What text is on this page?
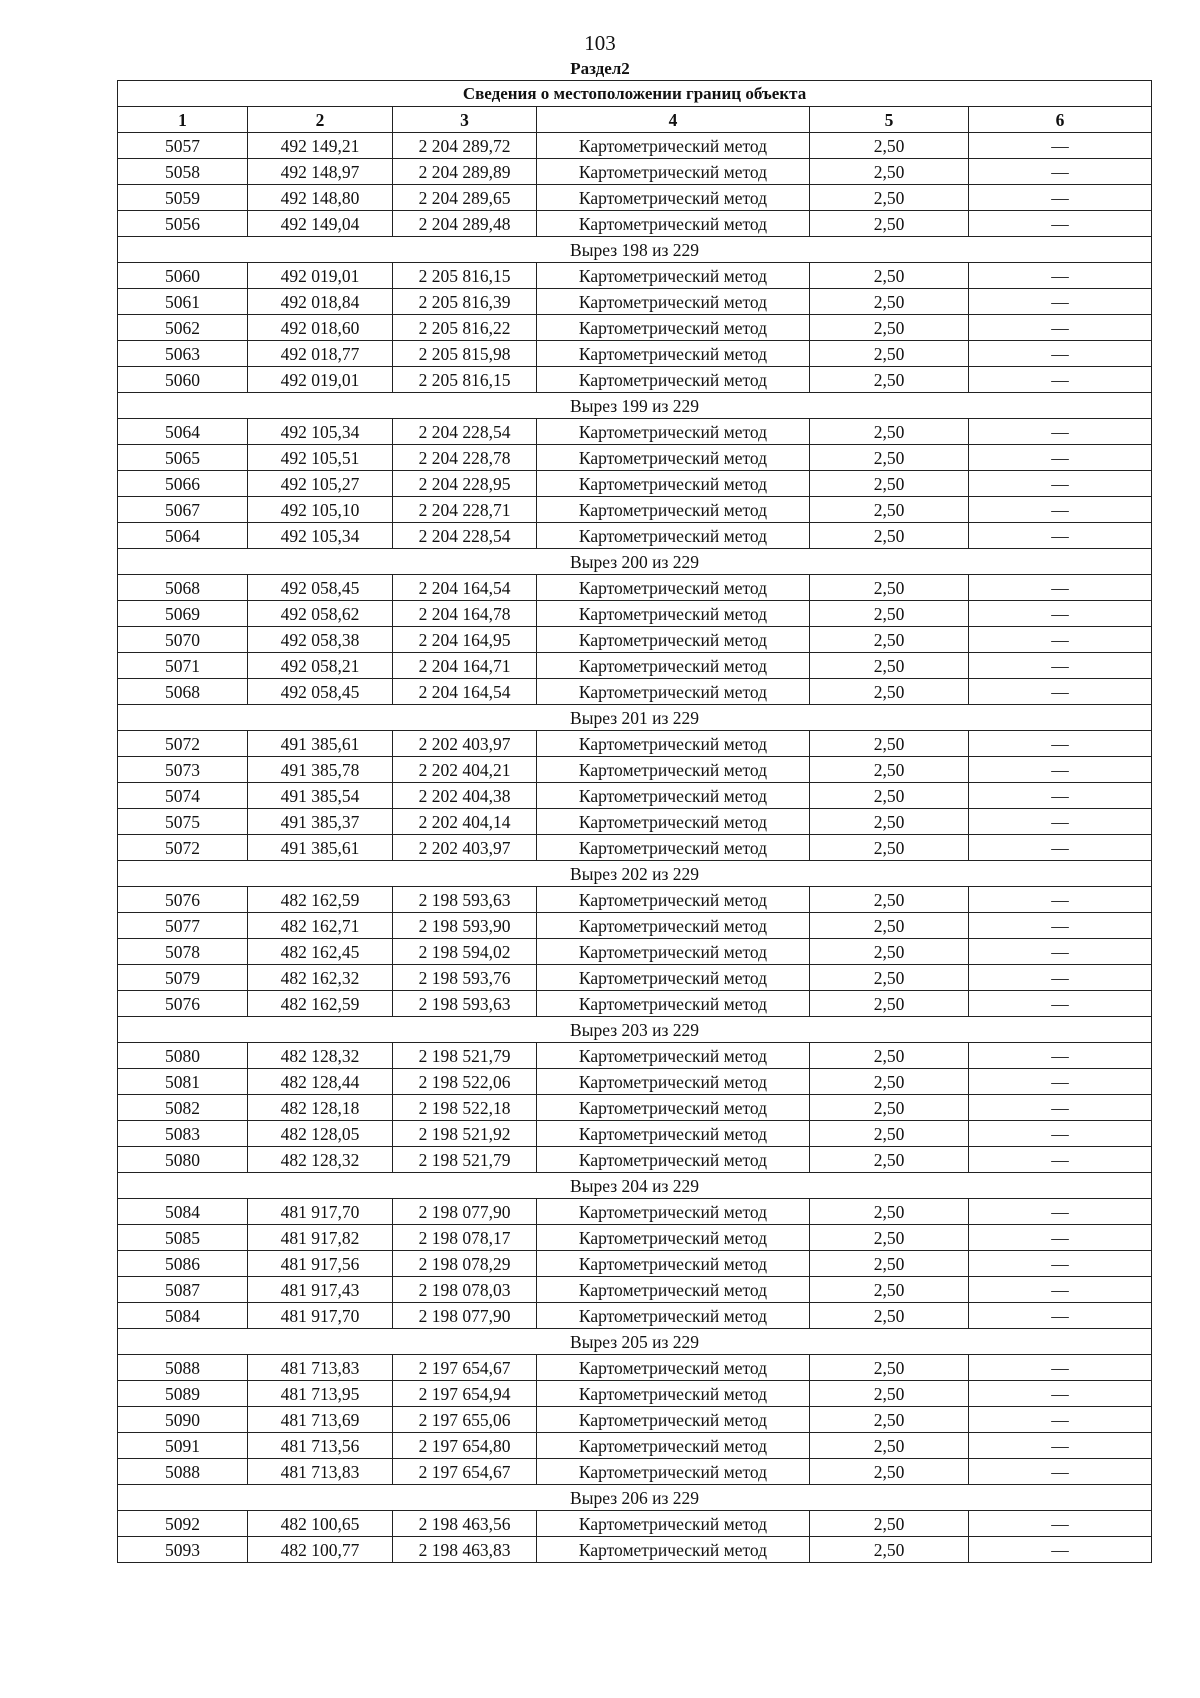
103
Раздел2
Сведения о местоположении границ объекта					
1	2	3	4	5	6
5057	492 149,21	2 204 289,72	Картометрический метод	2,50	—
5058	492 148,97	2 204 289,89	Картометрический метод	2,50	—
5059	492 148,80	2 204 289,65	Картометрический метод	2,50	—
5056	492 149,04	2 204 289,48	Картометрический метод	2,50	—
Вырез 198 из 229					
5060	492 019,01	2 205 816,15	Картометрический метод	2,50	—
5061	492 018,84	2 205 816,39	Картометрический метод	2,50	—
5062	492 018,60	2 205 816,22	Картометрический метод	2,50	—
5063	492 018,77	2 205 815,98	Картометрический метод	2,50	—
5060	492 019,01	2 205 816,15	Картометрический метод	2,50	—
Вырез 199 из 229					
5064	492 105,34	2 204 228,54	Картометрический метод	2,50	—
5065	492 105,51	2 204 228,78	Картометрический метод	2,50	—
5066	492 105,27	2 204 228,95	Картометрический метод	2,50	—
5067	492 105,10	2 204 228,71	Картометрический метод	2,50	—
5064	492 105,34	2 204 228,54	Картометрический метод	2,50	—
Вырез 200 из 229					
5068	492 058,45	2 204 164,54	Картометрический метод	2,50	—
5069	492 058,62	2 204 164,78	Картометрический метод	2,50	—
5070	492 058,38	2 204 164,95	Картометрический метод	2,50	—
5071	492 058,21	2 204 164,71	Картометрический метод	2,50	—
5068	492 058,45	2 204 164,54	Картометрический метод	2,50	—
Вырез 201 из 229					
5072	491 385,61	2 202 403,97	Картометрический метод	2,50	—
5073	491 385,78	2 202 404,21	Картометрический метод	2,50	—
5074	491 385,54	2 202 404,38	Картометрический метод	2,50	—
5075	491 385,37	2 202 404,14	Картометрический метод	2,50	—
5072	491 385,61	2 202 403,97	Картометрический метод	2,50	—
Вырез 202 из 229					
5076	482 162,59	2 198 593,63	Картометрический метод	2,50	—
5077	482 162,71	2 198 593,90	Картометрический метод	2,50	—
5078	482 162,45	2 198 594,02	Картометрический метод	2,50	—
5079	482 162,32	2 198 593,76	Картометрический метод	2,50	—
5076	482 162,59	2 198 593,63	Картометрический метод	2,50	—
Вырез 203 из 229					
5080	482 128,32	2 198 521,79	Картометрический метод	2,50	—
5081	482 128,44	2 198 522,06	Картометрический метод	2,50	—
5082	482 128,18	2 198 522,18	Картометрический метод	2,50	—
5083	482 128,05	2 198 521,92	Картометрический метод	2,50	—
5080	482 128,32	2 198 521,79	Картометрический метод	2,50	—
Вырез 204 из 229					
5084	481 917,70	2 198 077,90	Картометрический метод	2,50	—
5085	481 917,82	2 198 078,17	Картометрический метод	2,50	—
5086	481 917,56	2 198 078,29	Картометрический метод	2,50	—
5087	481 917,43	2 198 078,03	Картометрический метод	2,50	—
5084	481 917,70	2 198 077,90	Картометрический метод	2,50	—
Вырез 205 из 229					
5088	481 713,83	2 197 654,67	Картометрический метод	2,50	—
5089	481 713,95	2 197 654,94	Картометрический метод	2,50	—
5090	481 713,69	2 197 655,06	Картометрический метод	2,50	—
5091	481 713,56	2 197 654,80	Картометрический метод	2,50	—
5088	481 713,83	2 197 654,67	Картометрический метод	2,50	—
Вырез 206 из 229					
5092	482 100,65	2 198 463,56	Картометрический метод	2,50	—
5093	482 100,77	2 198 463,83	Картометрический метод	2,50	—
